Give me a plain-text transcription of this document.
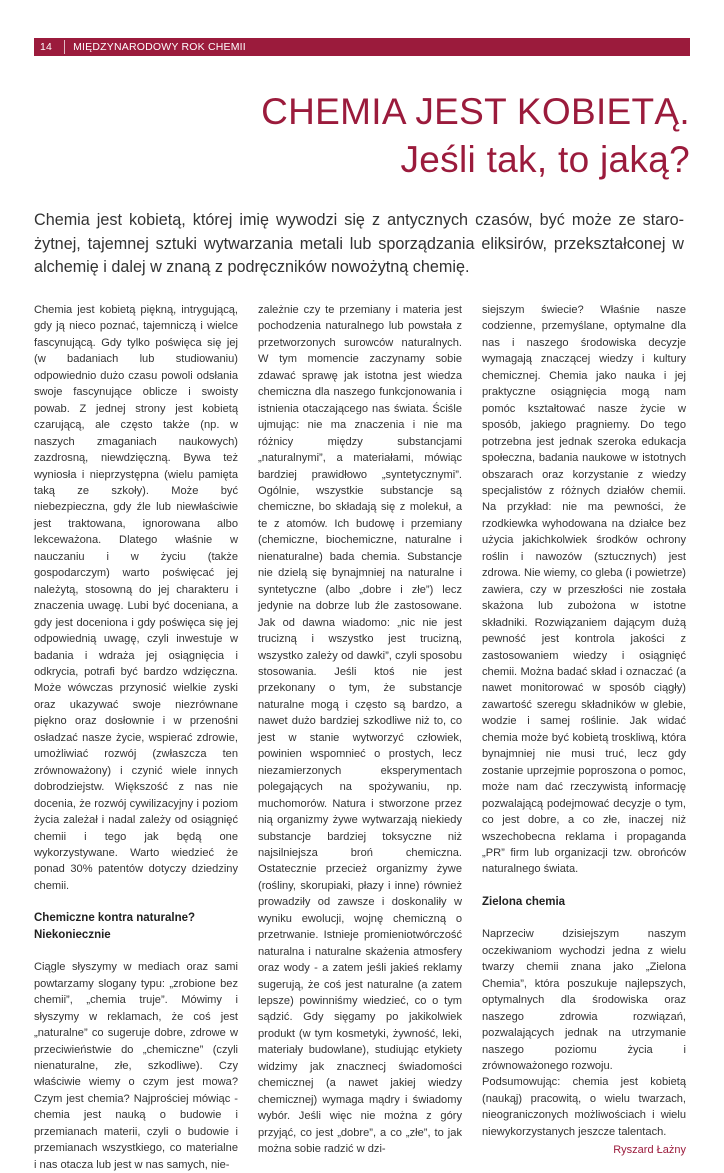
14	MIĘDZYNARODOWY ROK CHEMII
CHEMIA JEST KOBIETĄ.
Jeśli tak, to jaką?
Chemia jest kobietą, której imię wywodzi się z antycznych czasów, być może ze staro-żytnej, tajemnej sztuki wytwarzania metali lub sporządzania eliksirów, przekształconej w alchemię i dalej w znaną z podręczników nowożytną chemię.

Chemia jest kobietą piękną, intrygującą, gdy ją nieco poznać, tajemniczą i wielce fascynującą. Gdy tylko poświęca się jej (w badaniach lub studiowaniu) odpowiednio dużo czasu powoli odsłania swoje fascynujące oblicze i swoisty powab. Z jednej strony jest kobietą czarującą, ale często także (np. w naszych zmaganiach naukowych) zazdrosną, niewdzięczną. Bywa też wyniosła i nieprzystępna (wielu pamięta taką ze szkoły). Może być niebezpieczna, gdy źle lub niewłaściwie jest traktowana, ignorowana albo lekceważona. Dlatego właśnie w nauczaniu i w życiu (także gospodarczym) warto poświęcać jej należytą, stosowną do jej charakteru i znaczenia uwagę. Lubi być doceniana, a gdy jest doceniona i gdy poświęca się jej odpowiednią uwagę, czyli inwestuje w badania i wdraża jej osiągnięcia i odkrycia, potrafi być bardzo wdzięczna. Może wówczas przynosić wielkie zyski oraz ukazywać swoje niezrównane piękno oraz dosłownie i w przenośni osładzać nasze życie, wspierać zdrowie, umożliwiać rozwój (zwłaszcza ten zrównoważony) i czynić wiele innych dobrodziejstw. Większość z nas nie docenia, że rozwój cywilizacyjny i poziom życia zależał i nadal zależy od osiągnięć chemii i tego jak będą one wykorzystywane. Warto wiedzieć że ponad 30% patentów dotyczy dziedziny chemii.

Chemiczne kontra naturalne? Niekoniecznie

Ciągle słyszymy w mediach oraz sami powtarzamy slogany typu: „zrobione bez chemii”, „chemia truje”. Mówimy i słyszymy w reklamach, że coś jest „naturalne” co sugeruje dobre, zdrowe w przeciwieństwie do „chemiczne” (czyli nienaturalne, złe, szkodliwe). Czy właściwie wiemy o czym jest mowa? Czym jest chemia? Najprościej mówiąc - chemia jest nauką o budowie i przemianach materii, czyli o budowie i przemianach wszystkiego, co materialne i nas otacza lub jest w nas samych, nie-

zależnie czy te przemiany i materia jest pochodzenia naturalnego lub powstała z przetworzonych surowców naturalnych. W tym momencie zaczynamy sobie zdawać sprawę jak istotna jest wiedza chemiczna dla naszego funkcjonowania i istnienia otaczającego nas świata. Ściśle ujmując: nie ma znaczenia i nie ma różnicy między substancjami „naturalnymi”, a materiałami, mówiąc bardziej prawidłowo „syntetycznymi”. Ogólnie, wszystkie substancje są chemiczne, bo składają się z molekuł, a te z atomów. Ich budowę i przemiany (chemiczne, biochemiczne, naturalne i nienaturalne) bada chemia. Substancje nie dzielą się bynajmniej na naturalne i syntetyczne (albo „dobre i złe”) lecz jedynie na dobrze lub źle zastosowane. Jak od dawna wiadomo: „nic nie jest trucizną i wszystko jest trucizną, wszystko zależy od dawki”, czyli sposobu stosowania. Jeśli ktoś nie jest przekonany o tym, że substancje naturalne mogą i często są bardzo, a nawet dużo bardziej szkodliwe niż to, co jest w stanie wytworzyć człowiek, powinien wspomnieć o prostych, lecz niezamierzonych eksperymentach polegających na spożywaniu, np. muchomorów. Natura i stworzone przez nią organizmy żywe wytwarzają niekiedy substancje bardziej toksyczne niż najsilniejsza broń chemiczna. Ostatecznie przecież organizmy żywe (rośliny, skorupiaki, płazy i inne) również prowadziły od zawsze i doskonaliły w wyniku ewolucji, wojnę chemiczną o przetrwanie. Istnieje promieniotwórczość naturalna i naturalne skażenia atmosfery oraz wody - a zatem jeśli jakieś reklamy sugerują, że coś jest naturalne (a zatem lepsze) powinniśmy wiedzieć, co o tym sądzić. Gdy sięgamy po jakikolwiek produkt (w tym kosmetyki, żywność, leki, materiały budowlane), studiując etykiety widzimy jak znacznecj świadomości chemicznej (a nawet jakiej wiedzy chemicznej) wymaga mądry i świadomy wybór. Jeśli więc nie można z góry przyjąć, co jest „dobre”, a co „złe”, to jak można sobie radzić w dzi-

siejszym świecie? Właśnie nasze codzienne, przemyślane, optymalne dla nas i naszego środowiska decyzje wymagają znaczącej wiedzy i kultury chemicznej. Chemia jako nauka i jej praktyczne osiągnięcia mogą nam pomóc kształtować nasze życie w sposób, jakiego pragniemy. Do tego potrzebna jest jednak szeroka edukacja społeczna, badania naukowe w istotnych obszarach oraz korzystanie z wiedzy specjalistów z różnych działów chemii. Na przykład: nie ma pewności, że rzodkiewka wyhodowana na działce bez użycia jakichkolwiek środków ochrony roślin i nawozów (sztucznych) jest zdrowa. Nie wiemy, co gleba (i powietrze) zawiera, czy w przeszłości nie została skażona lub zubożona w istotne składniki. Rozwiązaniem dającym dużą pewność jest kontrola jakości z zastosowaniem wiedzy i osiągnięć chemii. Można badać skład i oznaczać (a nawet monitorować w sposób ciągły) zawartość szeregu składników w glebie, wodzie i samej roślinie. Jak widać chemia może być kobietą troskliwą, która bynajmniej nie musi truć, lecz gdy zostanie uprzejmie poproszona o pomoc, może nam dać rzeczywistą informację pozwalającą podejmować decyzje o tym, co jest dobre, a co złe, inaczej niż wszechobecna reklama i propaganda „PR” firm lub organizacji tzw. obrońców naturalnego świata.

Zielona chemia

Naprzeciw dzisiejszym naszym oczekiwaniom wychodzi jedna z wielu twarzy chemii znana jako „Zielona Chemia”, która poszukuje najlepszych, optymalnych dla środowiska oraz naszego zdrowia rozwiązań, pozwalających jednak na utrzymanie naszego poziomu życia i zrównoważonego rozwoju.

Podsumowując: chemia jest kobietą (naukąj) pracowitą, o wielu twarzach, nieograniczonych możliwościach i wielu niewykorzystanych jeszcze talentach.

Ryszard Łażny
